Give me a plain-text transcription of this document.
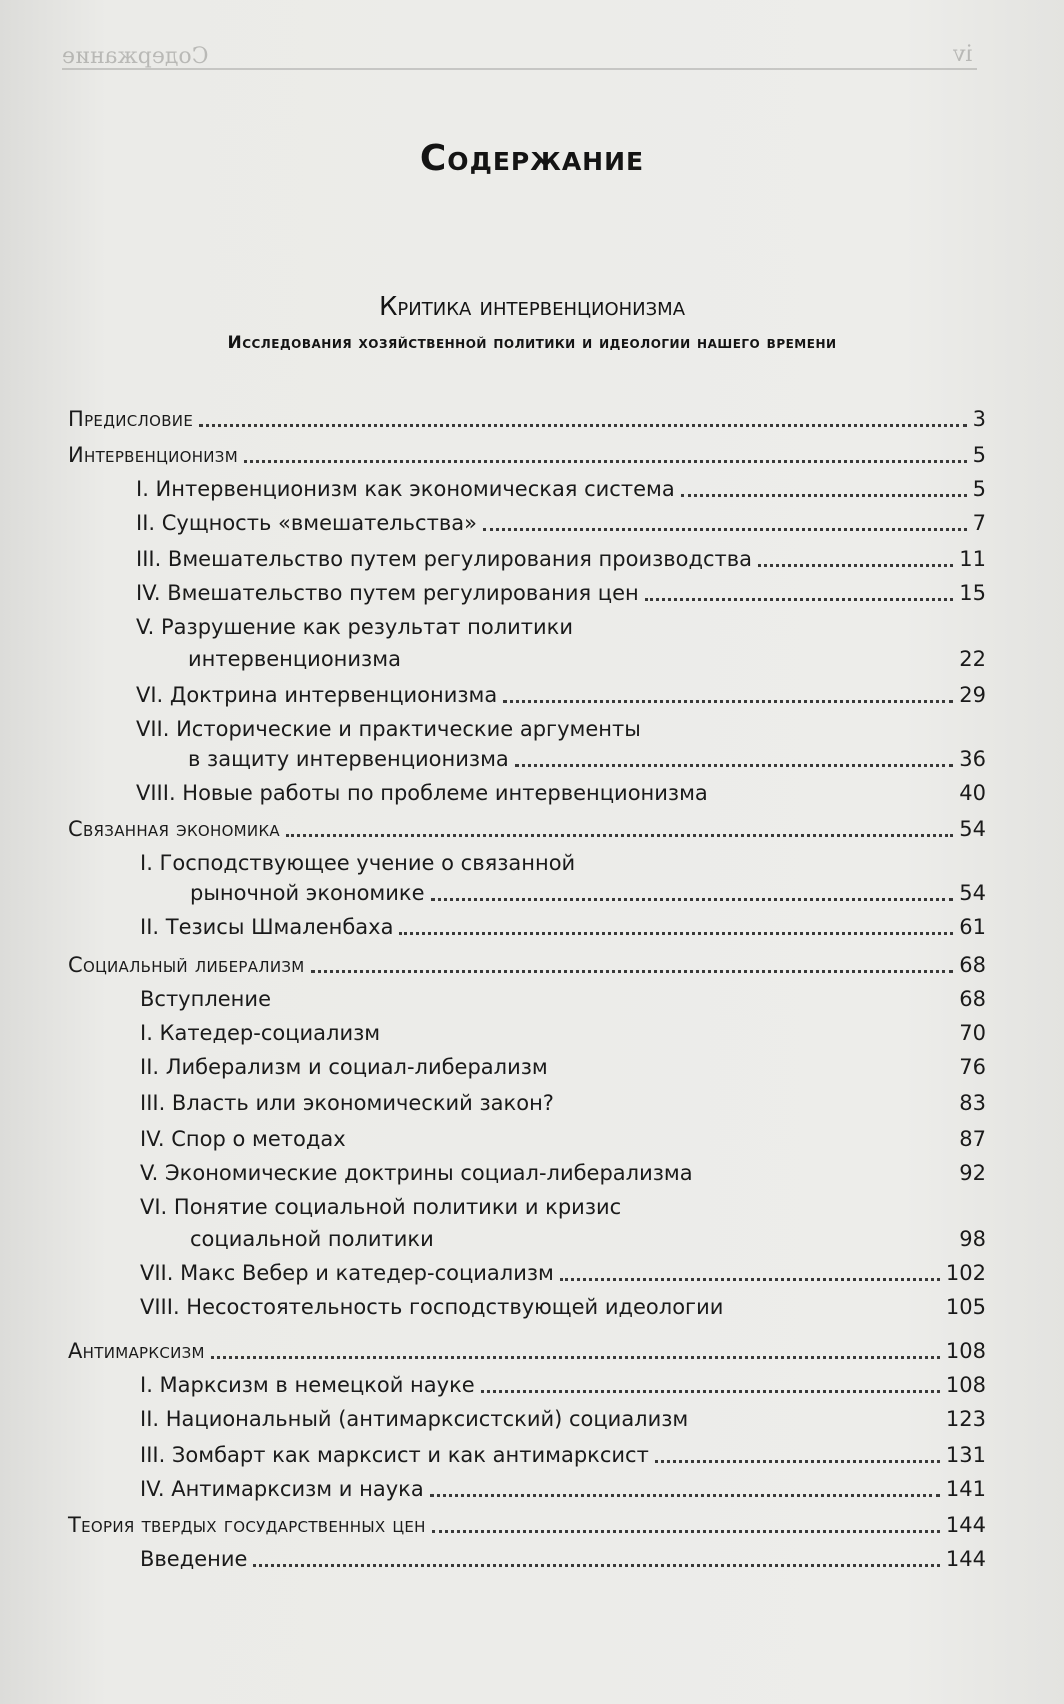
Содержание	iv
Содержание
Критика интервенционизма
Исследования хозяйственной политики и идеологии нашего времени
Предисловие	3
Интервенционизм	5
I. Интервенционизм как экономическая система	5
II. Сущность «вмешательства»	7
III. Вмешательство путем регулирования производства	11
IV. Вмешательство путем регулирования цен	15
V. Разрушение как результат политики
интервенционизма	22
VI. Доктрина интервенционизма	29
VII. Исторические и практические аргументы
в защиту интервенционизма	36
VIII. Новые работы по проблеме интервенционизма	40
Связанная экономика	54
I. Господствующее учение о связанной
рыночной экономике	54
II. Тезисы Шмаленбаха	61
Социальный либерализм	68
Вступление	68
I. Катедер-социализм	70
II. Либерализм и социал-либерализм	76
III. Власть или экономический закон?	83
IV. Спор о методах	87
V. Экономические доктрины социал-либерализма	92
VI. Понятие социальной политики и кризис
социальной политики	98
VII. Макс Вебер и катедер-социализм	102
VIII. Несостоятельность господствующей идеологии	105
Антимарксизм	108
I. Марксизм в немецкой науке	108
II. Национальный (антимарксистский) социализм	123
III. Зомбарт как марксист и как антимарксист	131
IV. Антимарксизм и наука	141
Теория твердых государственных цен	144
Введение	144
